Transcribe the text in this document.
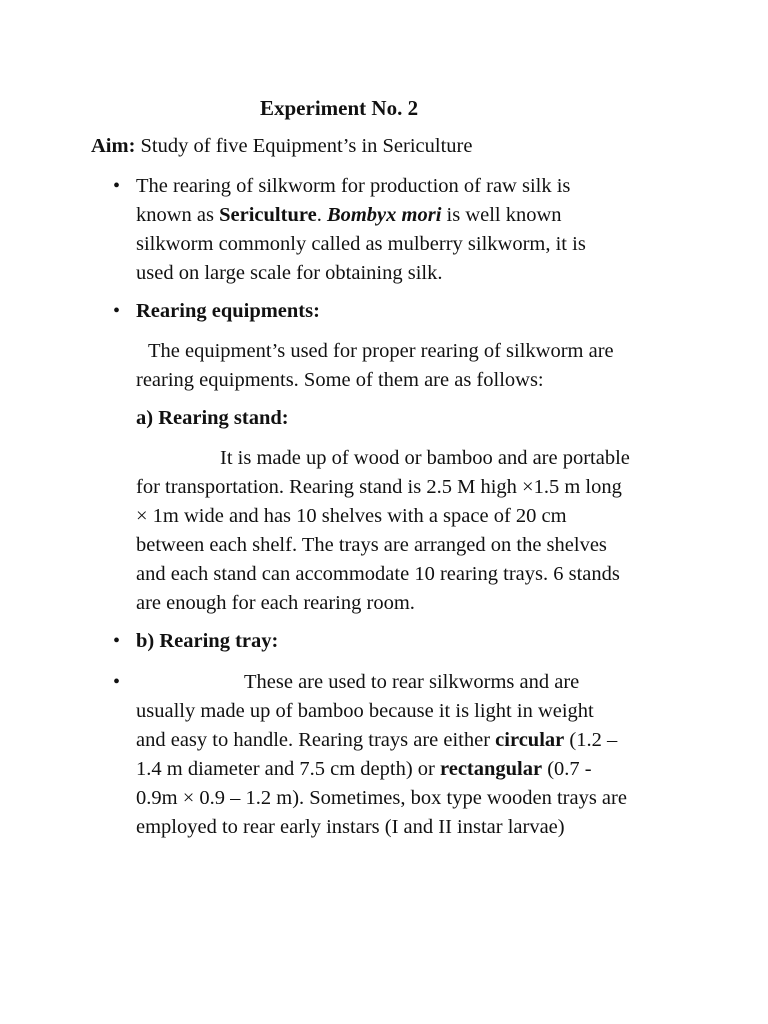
Experiment No. 2
Aim: Study of five Equipment’s in Sericulture
• The rearing of silkworm for production of raw silk is

known as Sericulture. Bombyx mori is well known

silkworm commonly called as mulberry silkworm, it is

used on large scale for obtaining silk.

• Rearing equipments:

The equipment’s used for proper rearing of silkworm are

rearing equipments. Some of them are as follows:

a) Rearing stand:

It is made up of wood or bamboo and are portable

for transportation. Rearing stand is 2.5 M high ×1.5 m long

× 1m wide and has 10 shelves with a space of 20 cm

between each shelf. The trays are arranged on the shelves

and each stand can accommodate 10 rearing trays. 6 stands

are enough for each rearing room.

• b) Rearing tray:
•	These are used to rear silkworms and are

usually made up of bamboo because it is light in weight

and easy to handle. Rearing trays are either circular (1.2 –

1.4 m diameter and 7.5 cm depth) or rectangular (0.7 -

0.9m × 0.9 – 1.2 m). Sometimes, box type wooden trays are

employed to rear early instars (I and II instar larvae)
